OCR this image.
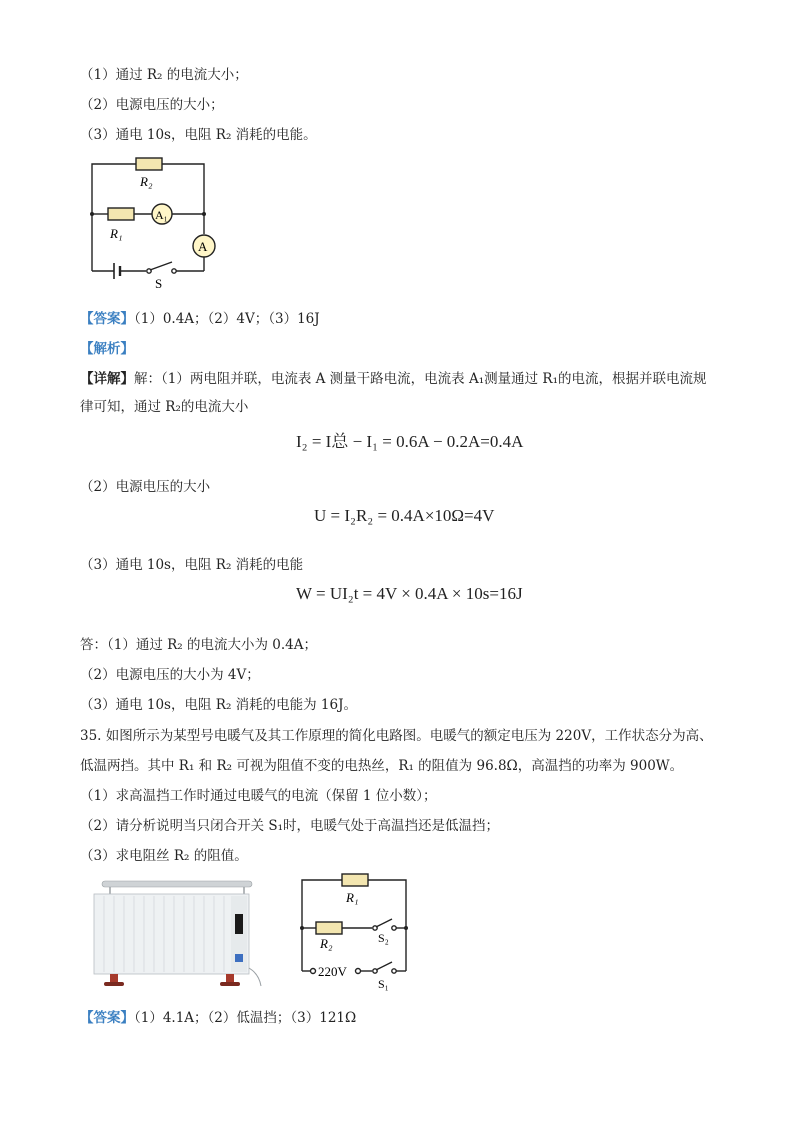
（1）通过 R₂ 的电流大小；
（2）电源电压的大小；
（3）通电 10s，电阻 R₂ 消耗的电能。
R₂
R₁
A₁
A
S
【答案】（1）0.4A；（2）4V；（3）16J
【解析】
【详解】解：（1）两电阻并联，电流表 A 测量干路电流，电流表 A₁测量通过 R₁的电流，根据并联电流规
律可知，通过 R₂的电流大小
I₂ = I总 − I₁ = 0.6A − 0.2A=0.4A
（2）电源电压的大小
U = I₂R₂ = 0.4A×10Ω=4V
（3）通电 10s，电阻 R₂ 消耗的电能
W = UI₂t = 4V × 0.4A × 10s=16J
答：（1）通过 R₂ 的电流大小为 0.4A；
（2）电源电压的大小为 4V；
（3）通电 10s，电阻 R₂ 消耗的电能为 16J。
35. 如图所示为某型号电暖气及其工作原理的简化电路图。电暖气的额定电压为 220V，工作状态分为高、
低温两挡。其中 R₁ 和 R₂ 可视为阻值不变的电热丝，R₁ 的阻值为 96.8Ω，高温挡的功率为 900W。
（1）求高温挡工作时通过电暖气的电流（保留 1 位小数）；
（2）请分析说明当只闭合开关 S₁时，电暖气处于高温挡还是低温挡；
（3）求电阻丝 R₂ 的阻值。
R₁
R₂	S₂
220V
S₁
【答案】（1）4.1A；（2）低温挡；（3）121Ω
